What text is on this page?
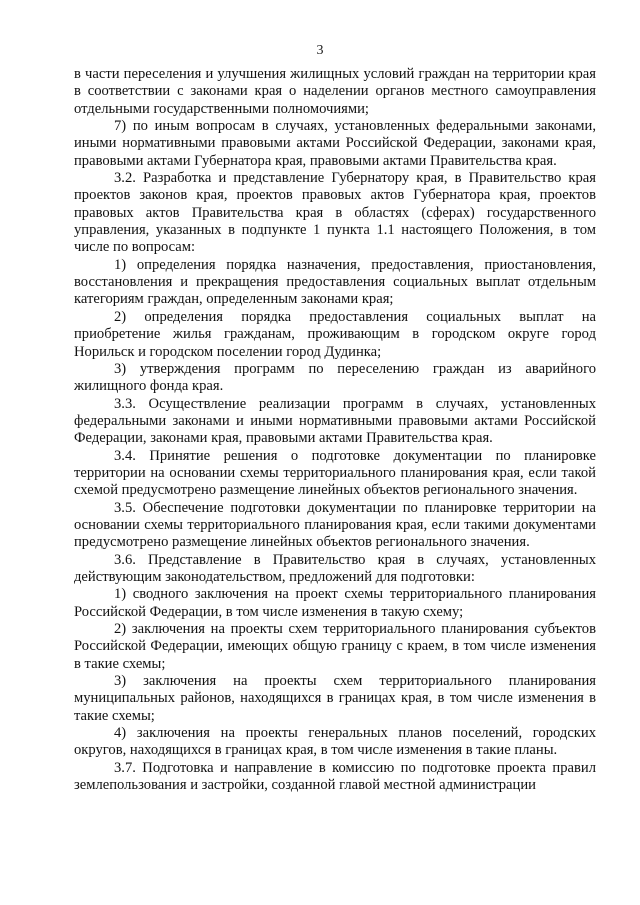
3

в части переселения и улучшения жилищных условий граждан на территории края в соответствии с законами края о наделении органов местного самоуправления отдельными государственными полномочиями;

7) по иным вопросам в случаях, установленных федеральными законами, иными нормативными правовыми актами Российской Федерации, законами края, правовыми актами Губернатора края, правовыми актами Правительства края.

3.2. Разработка и представление Губернатору края, в Правительство края проектов законов края, проектов правовых актов Губернатора края, проектов правовых актов Правительства края в областях (сферах) государственного управления, указанных в подпункте 1 пункта 1.1 настоящего Положения, в том числе по вопросам:

1) определения порядка назначения, предоставления, приостановления, восстановления и прекращения предоставления социальных выплат отдельным категориям граждан, определенным законами края;

2) определения порядка предоставления социальных выплат на приобретение жилья гражданам, проживающим в городском округе город Норильск и городском поселении город Дудинка;

3) утверждения программ по переселению граждан из аварийного жилищного фонда края.

3.3. Осуществление реализации программ в случаях, установленных федеральными законами и иными нормативными правовыми актами Российской Федерации, законами края, правовыми актами Правительства края.

3.4. Принятие решения о подготовке документации по планировке территории на основании схемы территориального планирования края, если такой схемой предусмотрено размещение линейных объектов регионального значения.

3.5. Обеспечение подготовки документации по планировке территории на основании схемы территориального планирования края, если такими документами предусмотрено размещение линейных объектов регионального значения.

3.6. Представление в Правительство края в случаях, установленных действующим законодательством, предложений для подготовки:

1) сводного заключения на проект схемы территориального планирования Российской Федерации, в том числе изменения в такую схему;

2) заключения на проекты схем территориального планирования субъектов Российской Федерации, имеющих общую границу с краем, в том числе изменения в такие схемы;

3) заключения на проекты схем территориального планирования муниципальных районов, находящихся в границах края, в том числе изменения в такие схемы;

4) заключения на проекты генеральных планов поселений, городских округов, находящихся в границах края, в том числе изменения в такие планы.

3.7. Подготовка и направление в комиссию по подготовке проекта правил землепользования и застройки, созданной главой местной администрации
